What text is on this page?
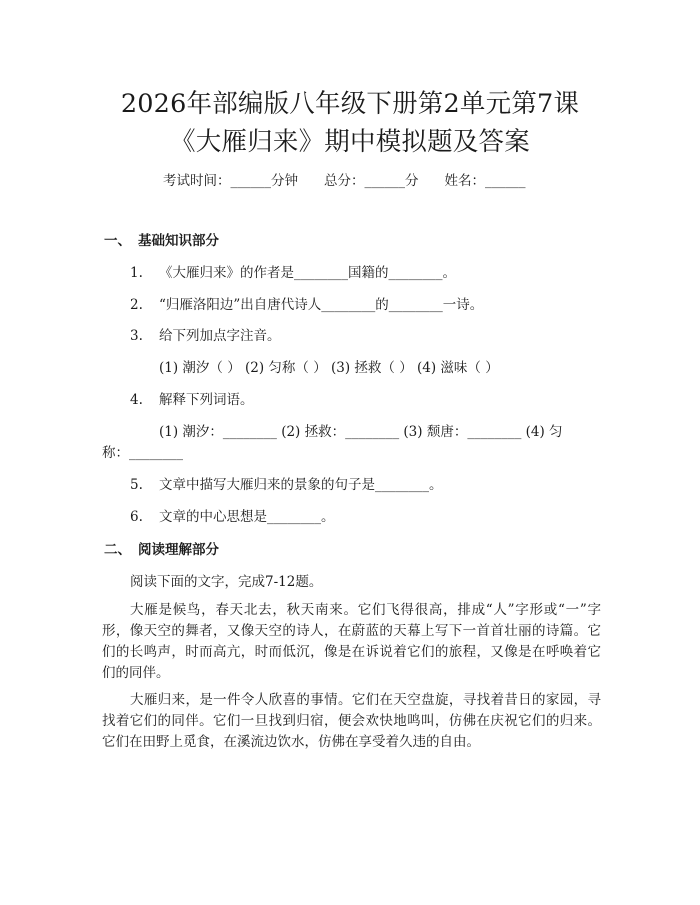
2026年部编版八年级下册第2单元第7课
《大雁归来》期中模拟题及答案
考试时间：______分钟 总分：______分 姓名：______
一、 基础知识部分
1. 《大雁归来》的作者是________国籍的________。
2. “归雁洛阳边”出自唐代诗人________的________一诗。
3. 给下列加点字注音。
(1) 潮汐（ ） (2) 匀称（ ） (3) 拯救（ ） (4) 滋味（ ）
4. 解释下列词语。
(1) 潮汐：________ (2) 拯救：________ (3) 颓唐：________ (4) 匀
称：________
5. 文章中描写大雁归来的景象的句子是________。
6. 文章的中心思想是________。
二、 阅读理解部分
阅读下面的文字，完成7-12题。
大雁是候鸟，春天北去，秋天南来。它们飞得很高，排成“人”字形或“一”字形，像天空的舞者，又像天空的诗人，在蔚蓝的天幕上写下一首首壮丽的诗篇。它们的长鸣声，时而高亢，时而低沉，像是在诉说着它们的旅程，又像是在呼唤着它们的同伴。
大雁归来，是一件令人欣喜的事情。它们在天空盘旋，寻找着昔日的家园，寻找着它们的同伴。它们一旦找到归宿，便会欢快地鸣叫，仿佛在庆祝它们的归来。它们在田野上觅食，在溪流边饮水，仿佛在享受着久违的自由。
